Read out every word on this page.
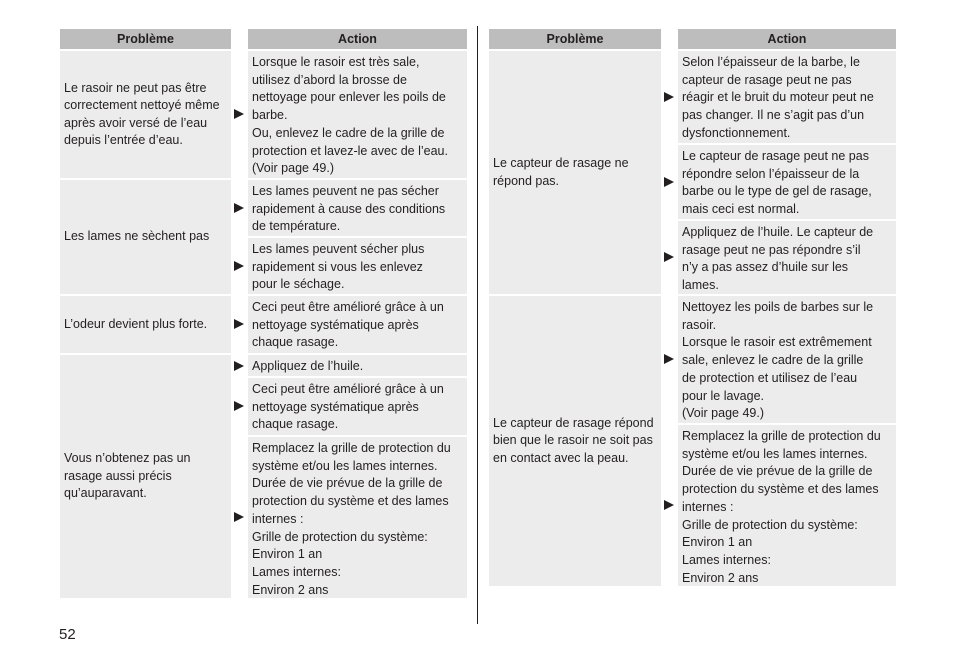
Problème	Action
Le rasoir ne peut pas être correctement nettoyé même après avoir versé de l’eau depuis l’entrée d’eau.
Lorsque le rasoir est très sale,
utilisez d’abord la brosse de
nettoyage pour enlever les poils de
barbe.
Ou, enlevez le cadre de la grille de
protection et lavez-le avec de l’eau.
(Voir page 49.)
Les lames ne sèchent pas
Les lames peuvent ne pas sécher
rapidement à cause des conditions
de température.
Les lames peuvent sécher plus
rapidement si vous les enlevez
pour le séchage.
L’odeur devient plus forte.
Ceci peut être amélioré grâce à un
nettoyage systématique après
chaque rasage.
Vous n’obtenez pas un rasage aussi précis qu’auparavant.
Appliquez de l’huile.
Ceci peut être amélioré grâce à un
nettoyage systématique après
chaque rasage.
Remplacez la grille de protection du
système et/ou les lames internes.
Durée de vie prévue de la grille de
protection du système et des lames
internes :
Grille de protection du système:
Environ 1 an
Lames internes:
Environ 2 ans
Problème	Action
Le capteur de rasage ne répond pas.
Selon l’épaisseur de la barbe, le
capteur de rasage peut ne pas
réagir et le bruit du moteur peut ne
pas changer. Il ne s’agit pas d’un
dysfonctionnement.
Le capteur de rasage peut ne pas
répondre selon l’épaisseur de la
barbe ou le type de gel de rasage,
mais ceci est normal.
Appliquez de l’huile. Le capteur de
rasage peut ne pas répondre s’il
n’y a pas assez d’huile sur les
lames.
Le capteur de rasage répond bien que le rasoir ne soit pas en contact avec la peau.
Nettoyez les poils de barbes sur le
rasoir.
Lorsque le rasoir est extrêmement
sale, enlevez le cadre de la grille
de protection et utilisez de l’eau
pour le lavage.
(Voir page 49.)
Remplacez la grille de protection du
système et/ou les lames internes.
Durée de vie prévue de la grille de
protection du système et des lames
internes :
Grille de protection du système:
Environ 1 an
Lames internes:
Environ 2 ans
52
